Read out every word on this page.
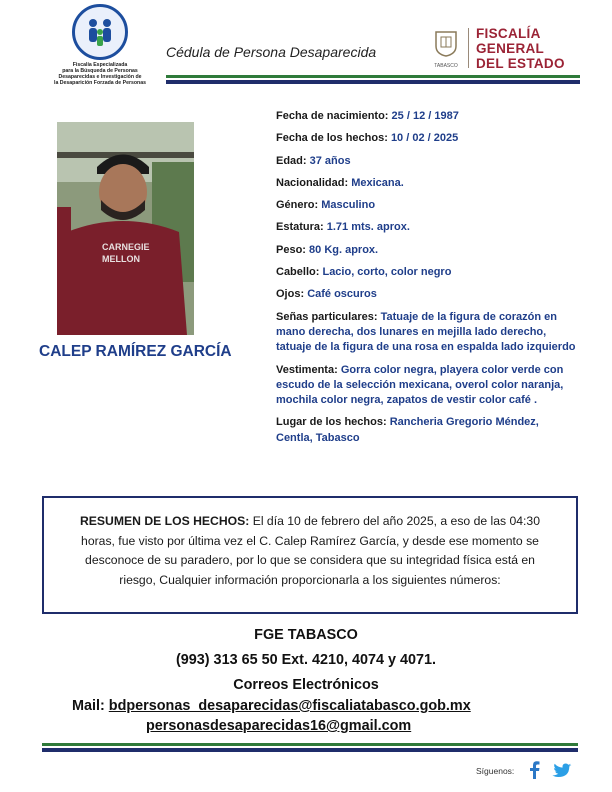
Fiscalía Especializada
para la Búsqueda de Personas
Desaparecidas e Investigación de
la Desaparición Forzada de Personas
Cédula de Persona Desaparecida
TABASCO
FISCALÍA
GENERAL
DEL ESTADO
CARNEGIE
MELLON
CALEP RAMÍREZ GARCÍA
Fecha de nacimiento: 25 / 12 / 1987
Fecha de los hechos: 10 / 02 / 2025
Edad: 37 años
Nacionalidad: Mexicana.
Género: Masculino
Estatura: 1.71 mts. aprox.
Peso: 80 Kg. aprox.
Cabello: Lacio, corto, color negro
Ojos: Café oscuros
Señas particulares: Tatuaje de la figura de corazón en mano derecha, dos lunares en mejilla lado derecho, tatuaje de la figura de una rosa en espalda lado izquierdo
Vestimenta: Gorra color negra, playera color verde con escudo de la selección mexicana, overol color naranja, mochila color negra, zapatos de vestir color café .
Lugar de los hechos: Rancheria Gregorio Méndez, Centla, Tabasco
RESUMEN DE LOS HECHOS: El día 10 de febrero del año 2025, a eso de las 04:30 horas, fue visto por última vez el C. Calep Ramírez García, y desde ese momento se desconoce de su paradero, por lo que se considera que su integridad física está en riesgo, Cualquier información proporcionarla a los siguientes números:
FGE TABASCO
(993) 313 65 50 Ext. 4210, 4074 y 4071.
Correos Electrónicos
Mail: bdpersonas_desaparecidas@fiscaliatabasco.gob.mx
personasdesaparecidas16@gmail.com
Síguenos:
